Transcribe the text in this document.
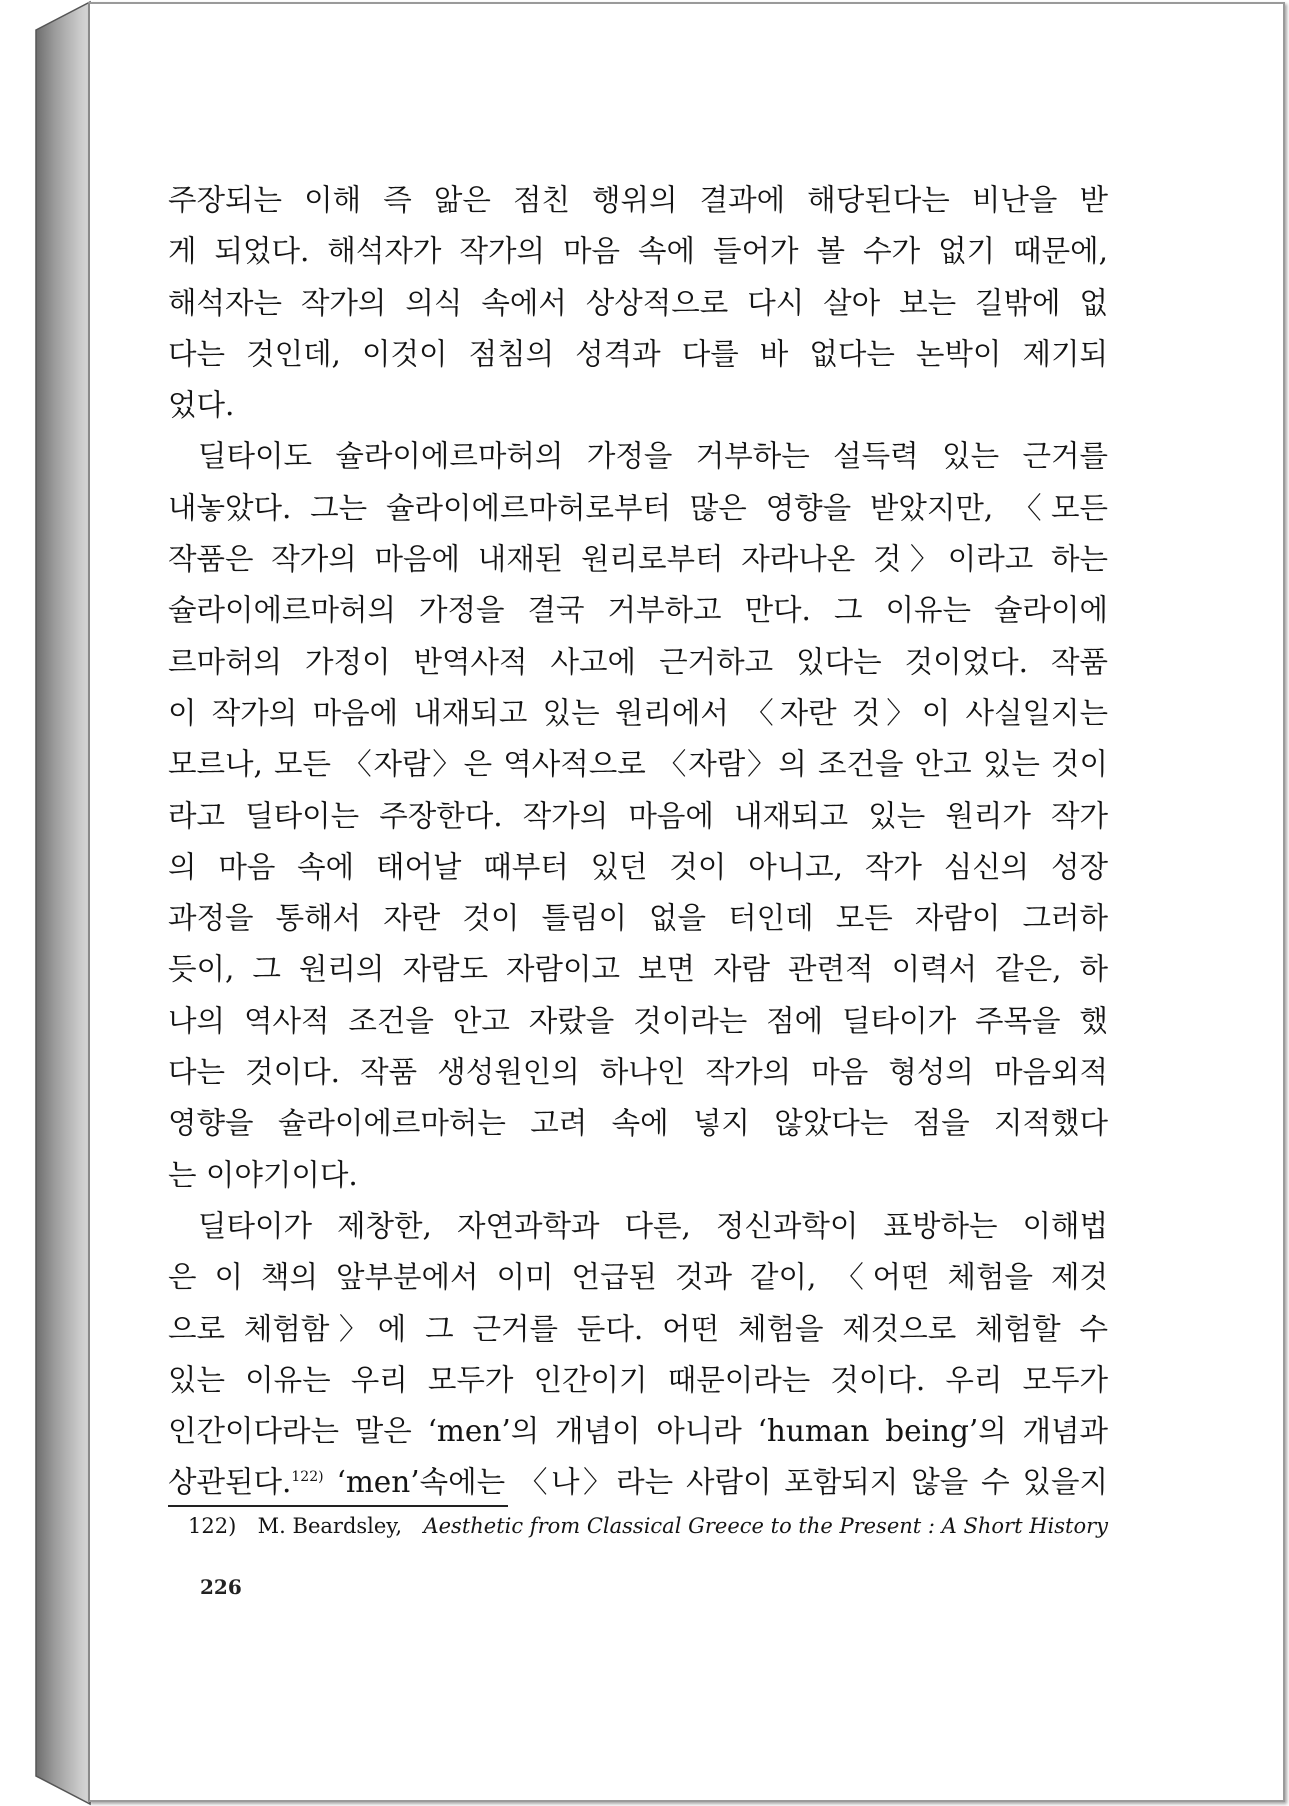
주장되는 이해 즉 앎은 점친 행위의 결과에 해당된다는 비난을 받
게 되었다. 해석자가 작가의 마음 속에 들어가 볼 수가 없기 때문에,
해석자는 작가의 의식 속에서 상상적으로 다시 살아 보는 길밖에 없
다는 것인데, 이것이 점침의 성격과 다를 바 없다는 논박이 제기되
었다.
딜타이도 슐라이에르마허의 가정을 거부하는 설득력 있는 근거를
내놓았다. 그는 슐라이에르마허로부터 많은 영향을 받았지만, 〈모든
작품은 작가의 마음에 내재된 원리로부터 자라나온 것〉이라고 하는
슐라이에르마허의 가정을 결국 거부하고 만다. 그 이유는 슐라이에
르마허의 가정이 반역사적 사고에 근거하고 있다는 것이었다. 작품
이 작가의 마음에 내재되고 있는 원리에서 〈자란 것〉이 사실일지는
모르나, 모든 〈자람〉은 역사적으로 〈자람〉의 조건을 안고 있는 것이
라고 딜타이는 주장한다. 작가의 마음에 내재되고 있는 원리가 작가
의 마음 속에 태어날 때부터 있던 것이 아니고, 작가 심신의 성장
과정을 통해서 자란 것이 틀림이 없을 터인데 모든 자람이 그러하
듯이, 그 원리의 자람도 자람이고 보면 자람 관련적 이력서 같은, 하
나의 역사적 조건을 안고 자랐을 것이라는 점에 딜타이가 주목을 했
다는 것이다. 작품 생성원인의 하나인 작가의 마음 형성의 마음외적
영향을 슐라이에르마허는 고려 속에 넣지 않았다는 점을 지적했다
는 이야기이다.
딜타이가 제창한, 자연과학과 다른, 정신과학이 표방하는 이해법
은 이 책의 앞부분에서 이미 언급된 것과 같이, 〈어떤 체험을 제것
으로 체험함〉에 그 근거를 둔다. 어떤 체험을 제것으로 체험할 수
있는 이유는 우리 모두가 인간이기 때문이라는 것이다. 우리 모두가
인간이다라는 말은 ‘men’의 개념이 아니라 ‘human being’의 개념과
상관된다.$^{122)}$ ‘men’속에는 〈나〉라는 사람이 포함되지 않을 수 있을지
122) M. Beardsley, Aesthetic from Classical Greece to the Present : A Short History
226
